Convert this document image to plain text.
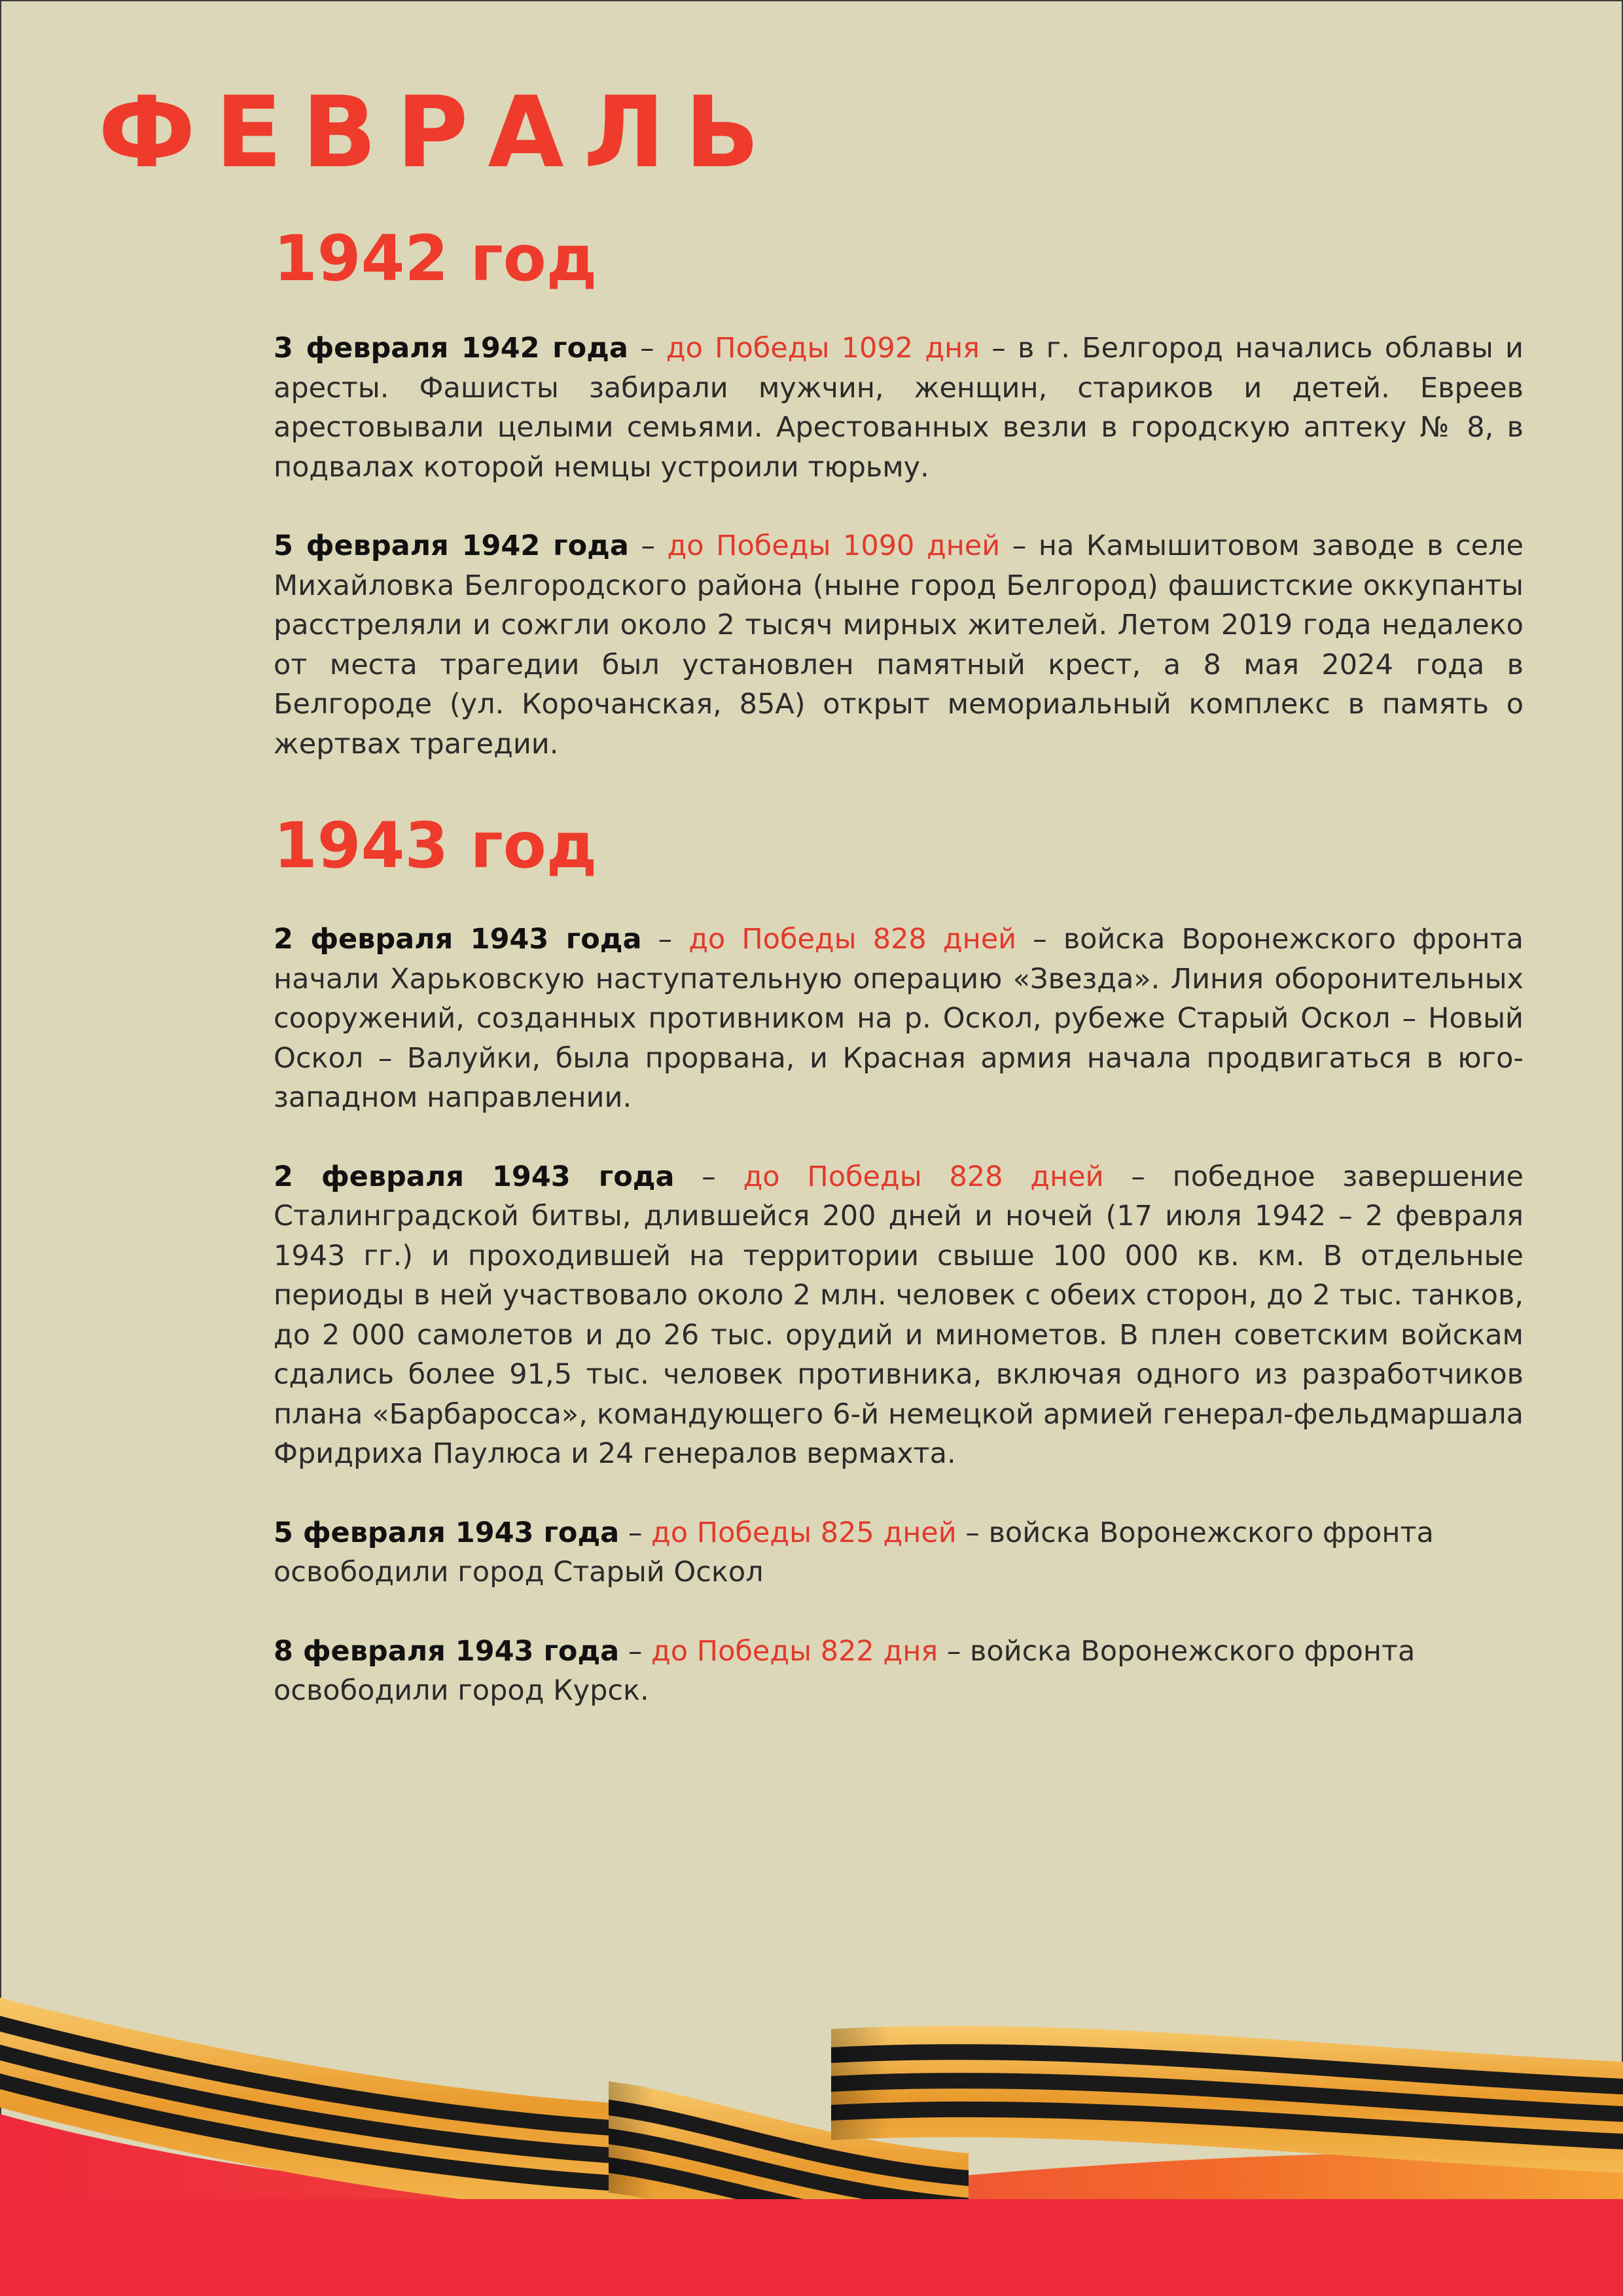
ФЕВРАЛЬ
1942 год

3 февраля 1942 года – до Победы 1092 дня – в г. Белгород начались облавы и аресты. Фашисты забирали мужчин, женщин, стариков и детей. Евреев арестовывали целыми семьями. Арестованных везли в городскую аптеку № 8, в подвалах которой немцы устроили тюрьму.

5 февраля 1942 года – до Победы 1090 дней – на Камышитовом заводе в селе Михайловка Белгородского района (ныне город Белгород) фашистские оккупанты расстреляли и сожгли около 2 тысяч мирных жителей. Летом 2019 года недалеко от места трагедии был установлен памятный крест, а 8 мая 2024 года в Белгороде (ул. Корочанская, 85А) открыт мемориальный комплекс в память о жертвах трагедии.

1943 год

2 февраля 1943 года – до Победы 828 дней – войска Воронежского фронта начали Харьковскую наступательную операцию «Звезда». Линия оборонительных сооружений, созданных противником на р. Оскол, рубеже Старый Оскол – Новый Оскол – Валуйки, была прорвана, и Красная армия начала продвигаться в юго-западном направлении.

2 февраля 1943 года – до Победы 828 дней – победное завершение Сталинградской битвы, длившейся 200 дней и ночей (17 июля 1942 – 2 февраля 1943 гг.) и проходившей на территории свыше 100 000 кв. км. В отдельные периоды в ней участвовало около 2 млн. человек с обеих сторон, до 2 тыс. танков, до 2 000 самолетов и до 26 тыс. орудий и минометов. В плен советским войскам сдались более 91,5 тыс. человек противника, включая одного из разработчиков плана «Барбаросса», командующего 6-й немецкой армией генерал-фельдмаршала Фридриха Паулюса и 24 генералов вермахта.

5 февраля 1943 года – до Победы 825 дней – войска Воронежского фронта освободили город Старый Оскол

8 февраля 1943 года – до Победы 822 дня – войска Воронежского фронта освободили город Курск.
